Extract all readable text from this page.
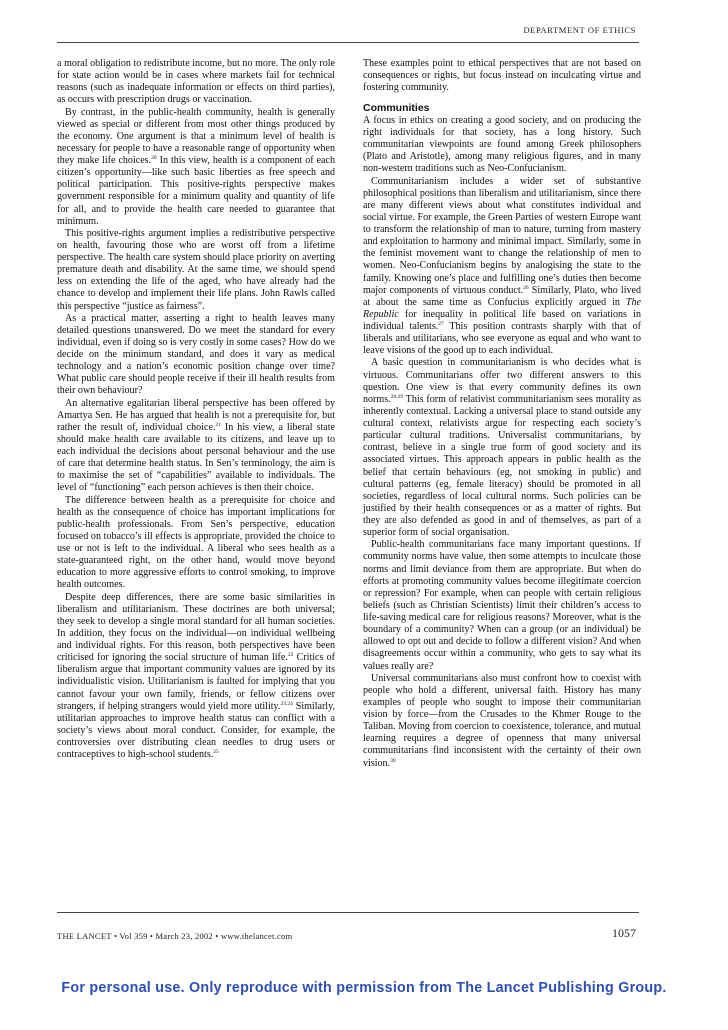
DEPARTMENT OF ETHICS

a moral obligation to redistribute income, but no more. The only role for state action would be in cases where markets fail for technical reasons (such as inadequate information or effects on third parties), as occurs with prescription drugs or vaccination.

By contrast, in the public-health community, health is generally viewed as special or different from most other things produced by the economy. One argument is that a minimum level of health is necessary for people to have a reasonable range of opportunity when they make life choices.$^{20}$ In this view, health is a component of each citizen’s opportunity—like such basic liberties as free speech and political participation. This positive-rights perspective makes government responsible for a minimum quality and quantity of life for all, and to provide the health care needed to guarantee that minimum.

This positive-rights argument implies a redistributive perspective on health, favouring those who are worst off from a lifetime perspective. The health care system should place priority on averting premature death and disability. At the same time, we should spend less on extending the life of the aged, who have already had the chance to develop and implement their life plans. John Rawls called this perspective “justice as fairness”.

As a practical matter, asserting a right to health leaves many detailed questions unanswered. Do we meet the standard for every individual, even if doing so is very costly in some cases? How do we decide on the minimum standard, and does it vary as medical technology and a nation’s economic position change over time? What public care should people receive if their ill health results from their own behaviour?

An alternative egalitarian liberal perspective has been offered by Amartya Sen. He has argued that health is not a prerequisite for, but rather the result of, individual choice.$^{21}$ In his view, a liberal state should make health care available to its citizens, and leave up to each individual the decisions about personal behaviour and the use of care that determine health status. In Sen’s terminology, the aim is to maximise the set of “capabilities” available to individuals. The level of “functioning” each person achieves is then their choice.

The difference between health as a prerequisite for choice and health as the consequence of choice has important implications for public-health professionals. From Sen’s perspective, education focused on tobacco’s ill effects is appropriate, provided the choice to use or not is left to the individual. A liberal who sees health as a state-guaranteed right, on the other hand, would move beyond education to more aggressive efforts to control smoking, to improve health outcomes.

Despite deep differences, there are some basic similarities in liberalism and utilitarianism. These doctrines are both universal; they seek to develop a single moral standard for all human societies. In addition, they focus on the individual—on individual wellbeing and individual rights. For this reason, both perspectives have been criticised for ignoring the social structure of human life.$^{22}$ Critics of liberalism argue that important community values are ignored by its individualistic vision. Utilitarianism is faulted for implying that you cannot favour your own family, friends, or fellow citizens over strangers, if helping strangers would yield more utility.$^{23,24}$ Similarly, utilitarian approaches to improve health status can conflict with a society’s views about moral conduct. Consider, for example, the controversies over distributing clean needles to drug users or contraceptives to high-school students.$^{25}$

These examples point to ethical perspectives that are not based on consequences or rights, but focus instead on inculcating virtue and fostering community.

Communities

A focus in ethics on creating a good society, and on producing the right individuals for that society, has a long history. Such communitarian viewpoints are found among Greek philosophers (Plato and Aristotle), among many religious figures, and in many non-western traditions such as Neo-Confucianism.

Communitarianism includes a wider set of substantive philosophical positions than liberalism and utilitarianism, since there are many different views about what constitutes individual and social virtue. For example, the Green Parties of western Europe want to transform the relationship of man to nature, turning from mastery and exploitation to harmony and minimal impact. Similarly, some in the feminist movement want to change the relationship of men to women. Neo-Confucianism begins by analogising the state to the family. Knowing one’s place and fulfilling one’s duties then become major components of virtuous conduct.$^{26}$ Similarly, Plato, who lived at about the same time as Confucius explicitly argued in The Republic for inequality in political life based on variations in individual talents.$^{27}$ This position contrasts sharply with that of liberals and utilitarians, who see everyone as equal and who want to leave visions of the good up to each individual.

A basic question in communitarianism is who decides what is virtuous. Communitarians offer two different answers to this question. One view is that every community defines its own norms.$^{28,29}$ This form of relativist communitarianism sees morality as inherently contextual. Lacking a universal place to stand outside any cultural context, relativists argue for respecting each society’s particular cultural traditions. Universalist communitarians, by contrast, believe in a single true form of good society and its associated virtues. This approach appears in public health as the belief that certain behaviours (eg, not smoking in public) and cultural patterns (eg, female literacy) should be promoted in all societies, regardless of local cultural norms. Such policies can be justified by their health consequences or as a matter of rights. But they are also defended as good in and of themselves, as part of a superior form of social organisation.

Public-health communitarians face many important questions. If community norms have value, then some attempts to inculcate those norms and limit deviance from them are appropriate. But when do efforts at promoting community values become illegitimate coercion or repression? For example, when can people with certain religious beliefs (such as Christian Scientists) limit their children’s access to life-saving medical care for religious reasons? Moreover, what is the boundary of a community? When can a group (or an individual) be allowed to opt out and decide to follow a different vision? And when disagreements occur within a community, who gets to say what its values really are?

Universal communitarians also must confront how to coexist with people who hold a different, universal faith. History has many examples of people who sought to impose their communitarian vision by force—from the Crusades to the Khmer Rouge to the Taliban. Moving from coercion to coexistence, tolerance, and mutual learning requires a degree of openness that many universal communitarians find inconsistent with the certainty of their own vision.$^{30}$

THE LANCET • Vol 359 • March 23, 2002 • www.thelancet.com	1057
For personal use. Only reproduce with permission from The Lancet Publishing Group.
